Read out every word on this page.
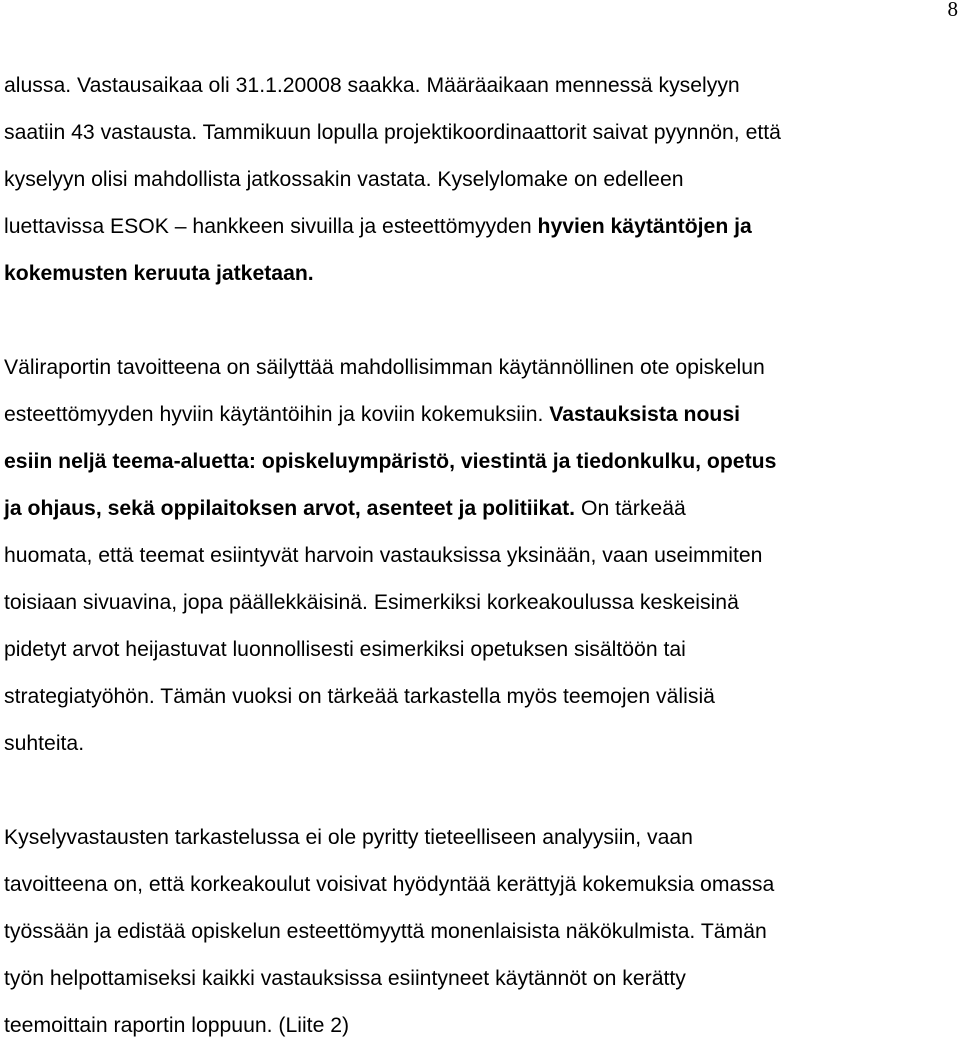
8
alussa. Vastausaikaa oli 31.1.20008 saakka. Määräaikaan mennessä kyselyyn
saatiin 43 vastausta. Tammikuun lopulla projektikoordinaattorit saivat pyynnön, että
kyselyyn olisi mahdollista jatkossakin vastata. Kyselylomake on edelleen
luettavissa ESOK – hankkeen sivuilla ja esteettömyyden hyvien käytäntöjen ja
kokemusten keruuta jatketaan.
Väliraportin tavoitteena on säilyttää mahdollisimman käytännöllinen ote opiskelun
esteettömyyden hyviin käytäntöihin ja koviin kokemuksiin. Vastauksista nousi
esiin neljä teema-aluetta: opiskeluympäristö, viestintä ja tiedonkulku, opetus
ja ohjaus, sekä oppilaitoksen arvot, asenteet ja politiikat. On tärkeää
huomata, että teemat esiintyvät harvoin vastauksissa yksinään, vaan useimmiten
toisiaan sivuavina, jopa päällekkäisinä. Esimerkiksi korkeakoulussa keskeisinä
pidetyt arvot heijastuvat luonnollisesti esimerkiksi opetuksen sisältöön tai
strategiatyöhön. Tämän vuoksi on tärkeää tarkastella myös teemojen välisiä
suhteita.
Kyselyvastausten tarkastelussa ei ole pyritty tieteelliseen analyysiin, vaan
tavoitteena on, että korkeakoulut voisivat hyödyntää kerättyjä kokemuksia omassa
työssään ja edistää opiskelun esteettömyyttä monenlaisista näkökulmista. Tämän
työn helpottamiseksi kaikki vastauksissa esiintyneet käytännöt on kerätty
teemoittain raportin loppuun. (Liite 2)
